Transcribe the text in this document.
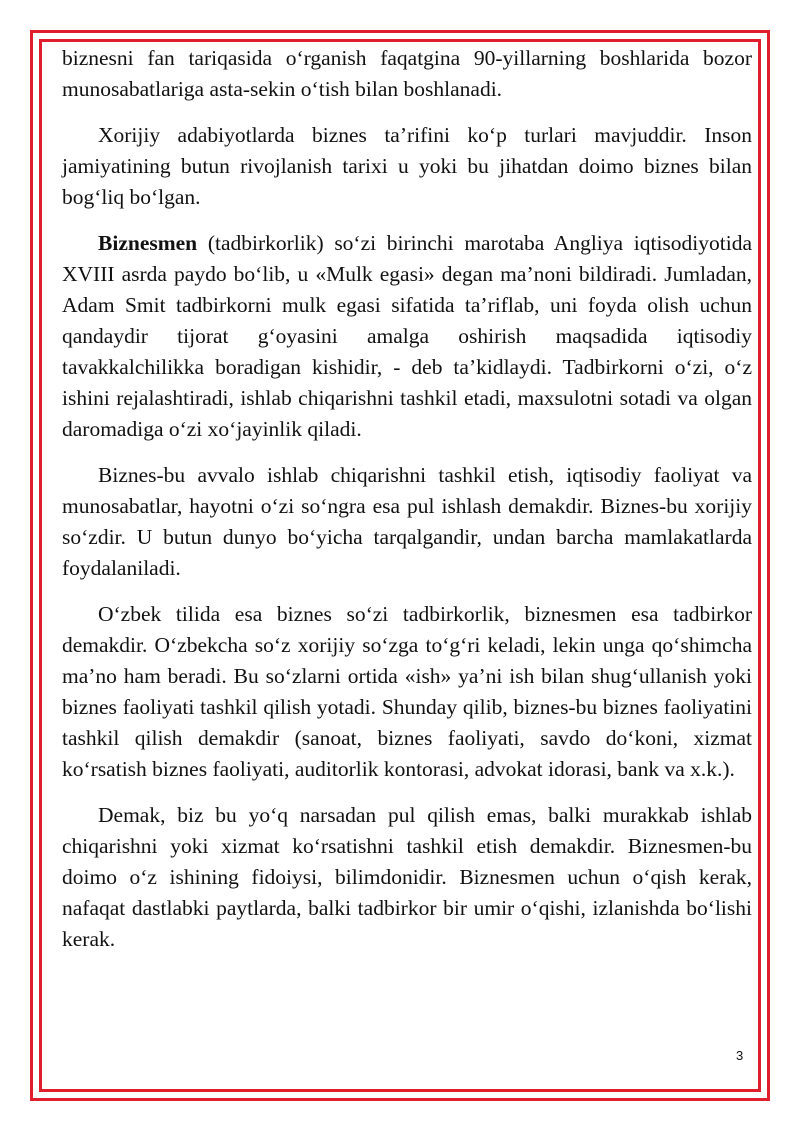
biznesni fan tariqasida oʻrganish faqatgina 90-yillarning boshlarida bozor munosabatlariga asta-sekin oʻtish bilan boshlanadi.

Xorijiy adabiyotlarda biznes taʼrifini koʻp turlari mavjuddir. Inson jamiyatining butun rivojlanish tarixi u yoki bu jihatdan doimo biznes bilan bogʻliq boʻlgan.

Biznesmen (tadbirkorlik) soʻzi birinchi marotaba Angliya iqtisodiyotida XVIII asrda paydo boʻlib, u «Mulk egasi» degan maʼnoni bildiradi. Jumladan, Adam Smit tadbirkorni mulk egasi sifatida taʼriflab, uni foyda olish uchun qandaydir tijorat gʻoyasini amalga oshirish maqsadida iqtisodiy tavakkalchilikka boradigan kishidir, - deb taʼkidlaydi. Tadbirkorni oʻzi, oʻz ishini rejalashtiradi, ishlab chiqarishni tashkil etadi, maxsulotni sotadi va olgan daromadiga oʻzi xoʻjayinlik qiladi.

Biznes-bu avvalo ishlab chiqarishni tashkil etish, iqtisodiy faoliyat va munosabatlar, hayotni oʻzi soʻngra esa pul ishlash demakdir. Biznes-bu xorijiy soʻzdir. U butun dunyo boʻyicha tarqalgandir, undan barcha mamlakatlarda foydalaniladi.

Oʻzbek tilida esa biznes soʻzi tadbirkorlik, biznesmen esa tadbirkor demakdir. Oʻzbekcha soʻz xorijiy soʻzga toʻgʻri keladi, lekin unga qoʻshimcha maʼno ham beradi. Bu soʻzlarni ortida «ish» yaʼni ish bilan shugʻullanish yoki biznes faoliyati tashkil qilish yotadi. Shunday qilib, biznes-bu biznes faoliyatini tashkil qilish demakdir (sanoat, biznes faoliyati, savdo doʻkoni, xizmat koʻrsatish biznes faoliyati, auditorlik kontorasi, advokat idorasi, bank va x.k.).

Demak, biz bu yoʻq narsadan pul qilish emas, balki murakkab ishlab chiqarishni yoki xizmat koʻrsatishni tashkil etish demakdir. Biznesmen-bu doimo oʻz ishining fidoiysi, bilimdonidir. Biznesmen uchun oʻqish kerak, nafaqat dastlabki paytlarda, balki tadbirkor bir umir oʻqishi, izlanishda boʻlishi kerak.

3
